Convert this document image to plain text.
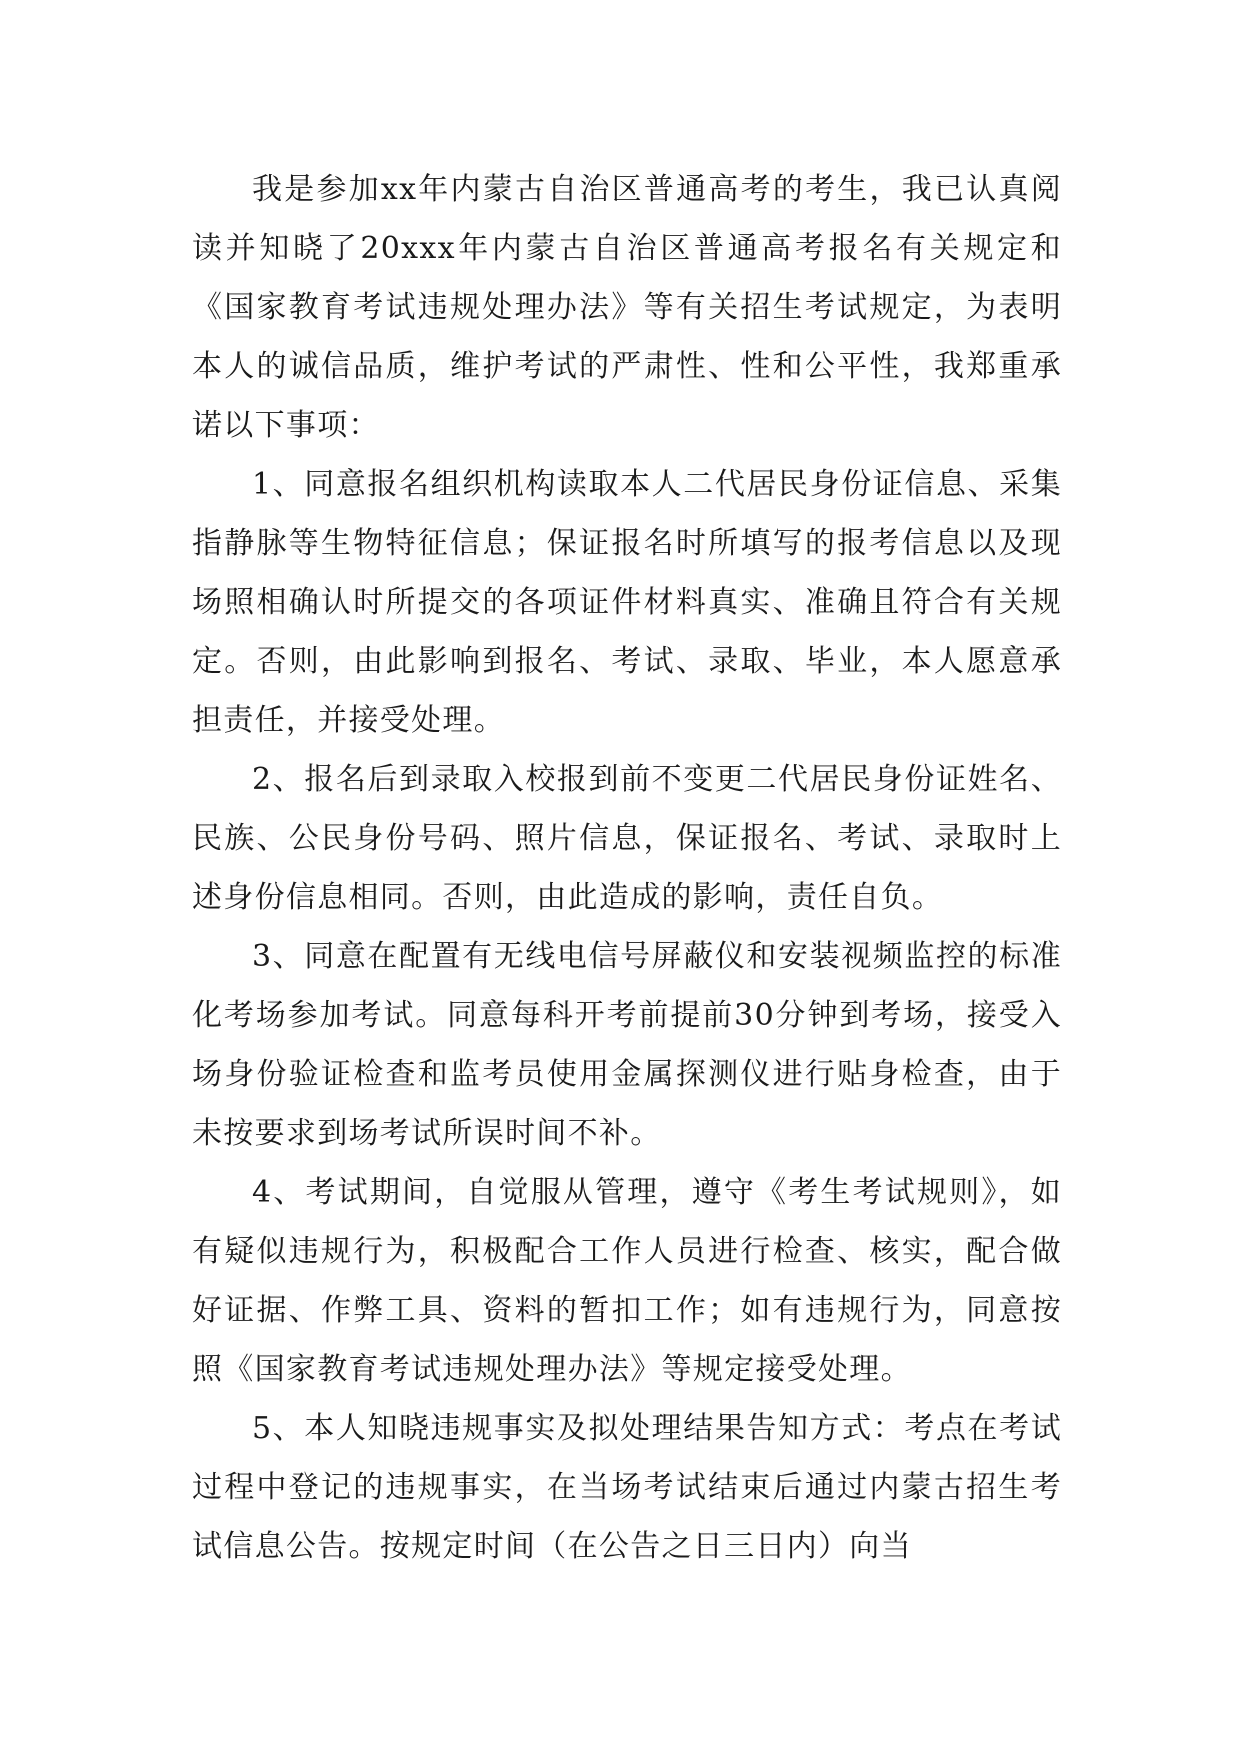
我是参加xx年内蒙古自治区普通高考的考生，我已认真阅读并知晓了20xxx年内蒙古自治区普通高考报名有关规定和《国家教育考试违规处理办法》等有关招生考试规定，为表明本人的诚信品质，维护考试的严肃性、性和公平性，我郑重承诺以下事项：

1、同意报名组织机构读取本人二代居民身份证信息、采集指静脉等生物特征信息；保证报名时所填写的报考信息以及现场照相确认时所提交的各项证件材料真实、准确且符合有关规定。否则，由此影响到报名、考试、录取、毕业，本人愿意承担责任，并接受处理。

2、报名后到录取入校报到前不变更二代居民身份证姓名、民族、公民身份号码、照片信息，保证报名、考试、录取时上述身份信息相同。否则，由此造成的影响，责任自负。

3、同意在配置有无线电信号屏蔽仪和安装视频监控的标准化考场参加考试。同意每科开考前提前30分钟到考场，接受入场身份验证检查和监考员使用金属探测仪进行贴身检查，由于未按要求到场考试所误时间不补。

4、考试期间，自觉服从管理，遵守《考生考试规则》，如有疑似违规行为，积极配合工作人员进行检查、核实，配合做好证据、作弊工具、资料的暂扣工作；如有违规行为，同意按照《国家教育考试违规处理办法》等规定接受处理。

5、本人知晓违规事实及拟处理结果告知方式：考点在考试过程中登记的违规事实，在当场考试结束后通过内蒙古招生考试信息公告。按规定时间（在公告之日三日内）向当
